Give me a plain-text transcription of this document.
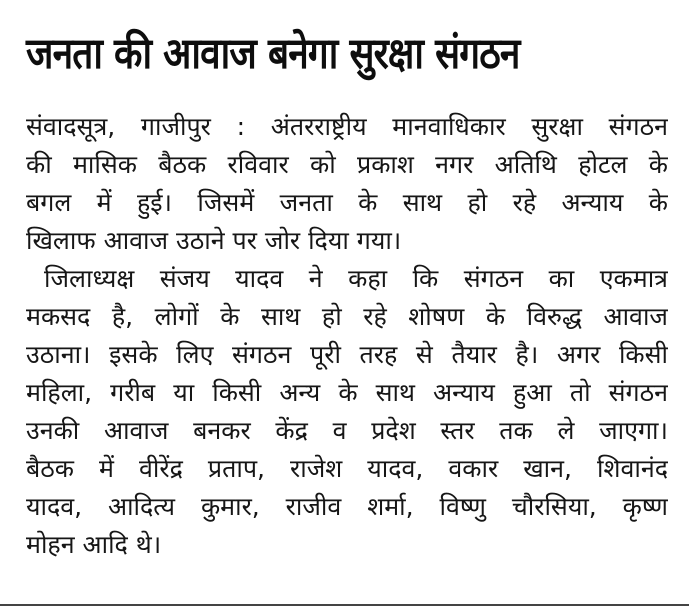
जनता की आवाज बनेगा सुरक्षा संगठन
संवादसूत्र, गाजीपुर : अंतरराष्ट्रीय मानवाधिकार सुरक्षा संगठन
की मासिक बैठक रविवार को प्रकाश नगर अतिथि होटल के
बगल में हुई। जिसमें जनता के साथ हो रहे अन्याय के
खिलाफ आवाज उठाने पर जोर दिया गया।
जिलाध्यक्ष संजय यादव ने कहा कि संगठन का एकमात्र
मकसद है, लोगों के साथ हो रहे शोषण के विरुद्ध आवाज
उठाना। इसके लिए संगठन पूरी तरह से तैयार है। अगर किसी
महिला, गरीब या किसी अन्य के साथ अन्याय हुआ तो संगठन
उनकी आवाज बनकर केंद्र व प्रदेश स्तर तक ले जाएगा।
बैठक में वीरेंद्र प्रताप, राजेश यादव, वकार खान, शिवानंद
यादव, आदित्य कुमार, राजीव शर्मा, विष्णु चौरसिया, कृष्ण
मोहन आदि थे।
